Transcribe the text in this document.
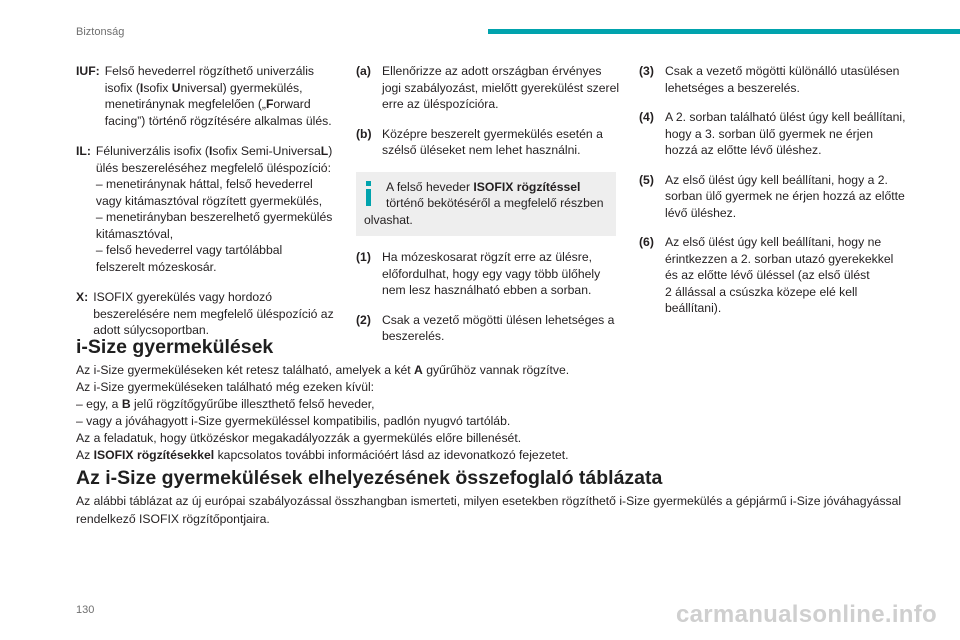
Biztonság
IUF: Felső hevederrel rögzíthető univerzális
isofix (Isofix Universal) gyermekülés,
menetiránynak megfelelően („Forward
facing”) történő rögzítésére alkalmas ülés.
IL: Féluniverzális isofix (Isofix Semi-UniversaL)
ülés beszereléséhez megfelelő üléspozíció:
– menetiránynak háttal, felső hevederrel
vagy kitámasztóval rögzített gyermekülés,
– menetirányban beszerelhető gyermekülés
kitámasztóval,
– felső hevederrel vagy tartólábbal
felszerelt mózeskosár.
X: ISOFIX gyerekülés vagy hordozó
beszerelésére nem megfelelő üléspozíció az
adott súlycsoportban.
(a) Ellenőrizze az adott országban érvényes
jogi szabályozást, mielőtt gyerekülést szerel
erre az üléspozícióra.
(b) Középre beszerelt gyermekülés esetén a
szélső üléseket nem lehet használni.
A felső heveder ISOFIX rögzítéssel
történő bekötéséről a megfelelő részben
olvashat.
(1) Ha mózeskosarat rögzít erre az ülésre,
előfordulhat, hogy egy vagy több ülőhely
nem lesz használható ebben a sorban.
(2) Csak a vezető mögötti ülésen lehetséges a
beszerelés.
(3) Csak a vezető mögötti különálló utasülésen
lehetséges a beszerelés.
(4) A 2. sorban található ülést úgy kell beállítani,
hogy a 3. sorban ülő gyermek ne érjen
hozzá az előtte lévő üléshez.
(5) Az első ülést úgy kell beállítani, hogy a 2.
sorban ülő gyermek ne érjen hozzá az előtte
lévő üléshez.
(6) Az első ülést úgy kell beállítani, hogy ne
érintkezzen a 2. sorban utazó gyerekekkel
és az előtte lévő üléssel (az első ülést
2 állással a csúszka közepe elé kell
beállítani).
i-Size gyermekülések
Az i-Size gyermeküléseken két retesz található, amelyek a két A gyűrűhöz vannak rögzítve.
Az i-Size gyermeküléseken található még ezeken kívül:
– egy, a B jelű rögzítőgyűrűbe illeszthető felső heveder,
– vagy a jóváhagyott i-Size gyermeküléssel kompatibilis, padlón nyugvó tartóláb.
Az a feladatuk, hogy ütközéskor megakadályozzák a gyermekülés előre billenését.
Az ISOFIX rögzítésekkel kapcsolatos további információért lásd az idevonatkozó fejezetet.
Az i-Size gyermekülések elhelyezésének összefoglaló táblázata
Az alábbi táblázat az új európai szabályozással összhangban ismerteti, milyen esetekben rögzíthető i-Size gyermekülés a gépjármű i-Size jóváhagyással
rendelkező ISOFIX rögzítőpontjaira.
130	carmanualsonline.info
